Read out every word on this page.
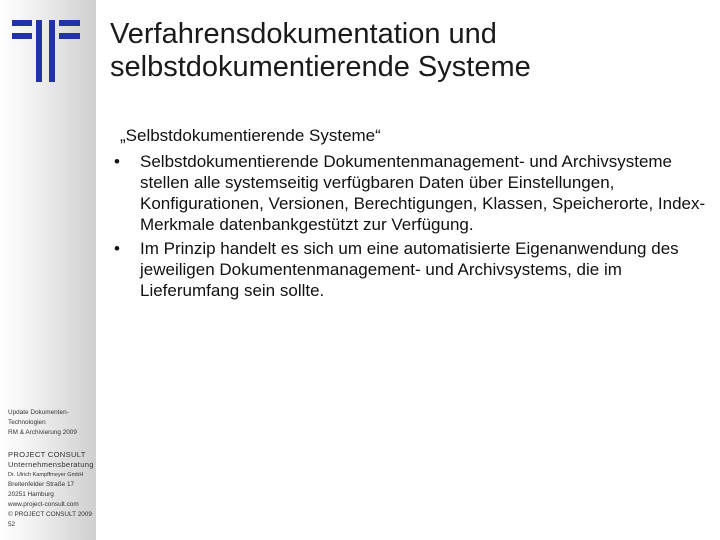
Verfahrensdokumentation und
selbstdokumentierende Systeme
„Selbstdokumentierende Systeme“
• Selbstdokumentierende Dokumentenmanagement- und Archivsysteme stellen alle systemseitig verfügbaren Daten über Einstellungen, Konfigurationen, Versionen, Berechtigungen, Klassen, Speicherorte, Index-Merkmale datenbankgestützt zur Verfügung.
• Im Prinzip handelt es sich um eine automatisierte Eigenanwendung des jeweiligen Dokumentenmanagement- und Archivsystems, die im Lieferumfang sein sollte.
Update Dokumenten-
Technologien
RM & Archivierung 2009
PROJECT CONSULT
Unternehmensberatung
Dr. Ulrich Kampffmeyer GmbH
Breitenfelder Straße 17
20251 Hamburg
www.project-consult.com
© PROJECT CONSULT 2009
52
